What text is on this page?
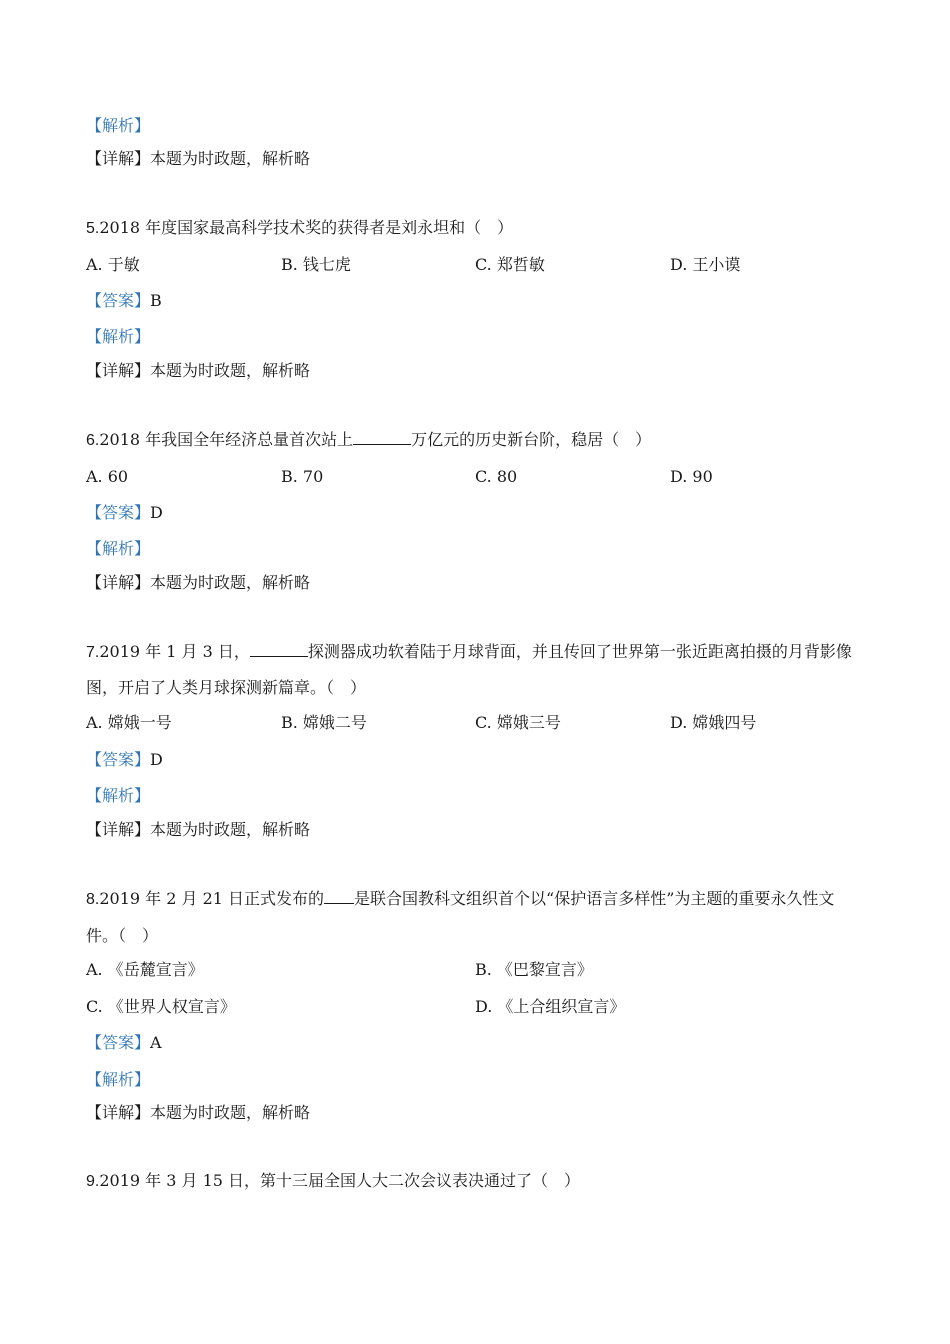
【解析】
【详解】本题为时政题，解析略
5.2018 年度国家最高科学技术奖的获得者是刘永坦和（　）
A. 于敏	B. 钱七虎	C. 郑哲敏	D. 王小谟
【答案】B
【解析】
【详解】本题为时政题，解析略
6.2018 年我国全年经济总量首次站上	万亿元的历史新台阶，稳居（　）
A. 60	B. 70	C. 80	D. 90
【答案】D
【解析】
【详解】本题为时政题，解析略
7.2019 年 1 月 3 日，	探测器成功软着陆于月球背面，并且传回了世界第一张近距离拍摄的月背影像
图，开启了人类月球探测新篇章。（　）
A. 嫦娥一号	B. 嫦娥二号	C. 嫦娥三号	D. 嫦娥四号
【答案】D
【解析】
【详解】本题为时政题，解析略
8.2019 年 2 月 21 日正式发布的 是联合国教科文组织首个以“保护语言多样性”为主题的重要永久性文
件。（　）
A. 《岳麓宣言》	B. 《巴黎宣言》
C. 《世界人权宣言》	D. 《上合组织宣言》
【答案】A
【解析】
【详解】本题为时政题，解析略
9.2019 年 3 月 15 日，第十三届全国人大二次会议表决通过了（　）
